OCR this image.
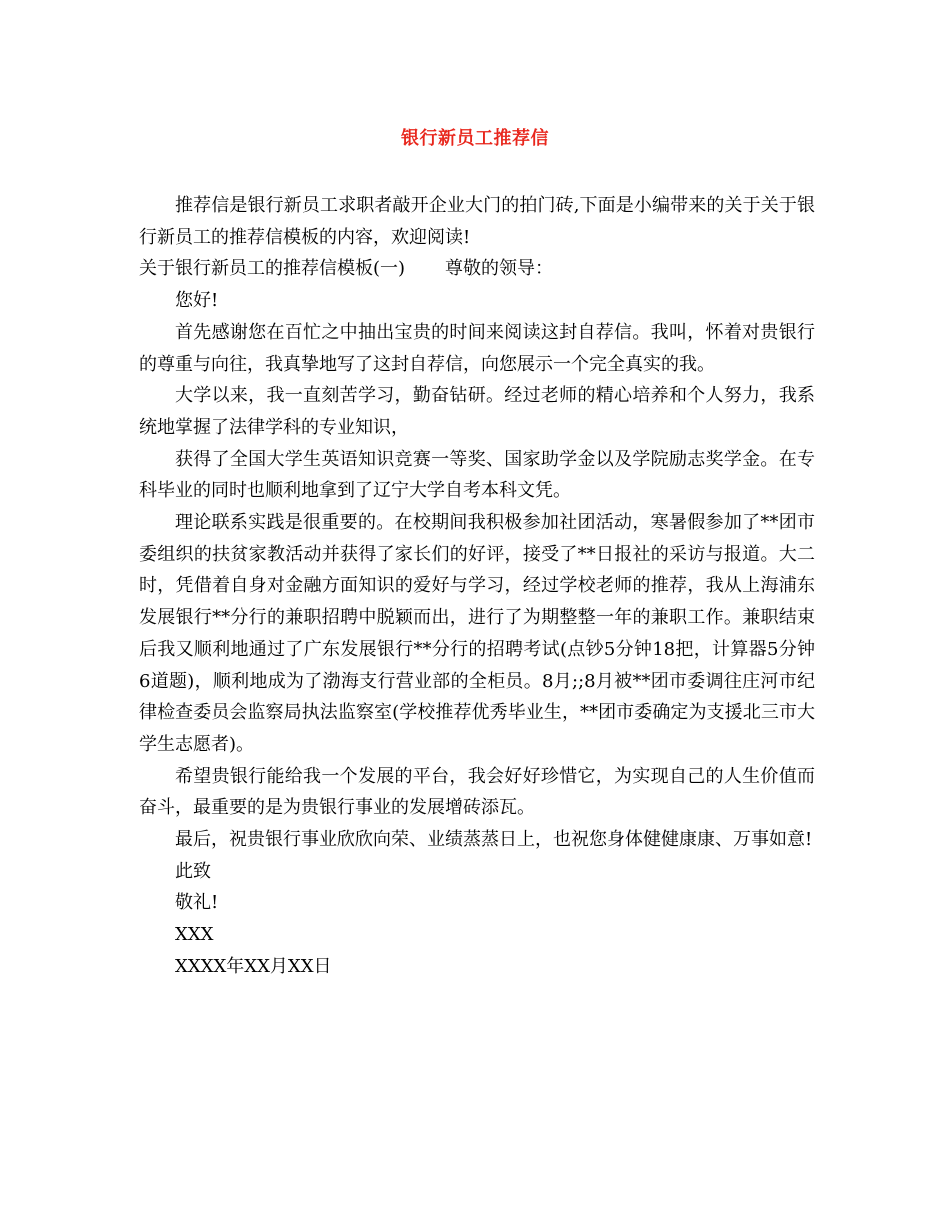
银行新员工推荐信

推荐信是银行新员工求职者敲开企业大门的拍门砖,下面是小编带来的关于关于银行新员工的推荐信模板的内容，欢迎阅读!

关于银行新员工的推荐信模板(一) 尊敬的领导：

您好!

首先感谢您在百忙之中抽出宝贵的时间来阅读这封自荐信。我叫，怀着对贵银行的尊重与向往，我真挚地写了这封自荐信，向您展示一个完全真实的我。

大学以来，我一直刻苦学习，勤奋钻研。经过老师的精心培养和个人努力，我系统地掌握了法律学科的专业知识，

获得了全国大学生英语知识竞赛一等奖、国家助学金以及学院励志奖学金。在专科毕业的同时也顺利地拿到了辽宁大学自考本科文凭。

理论联系实践是很重要的。在校期间我积极参加社团活动，寒暑假参加了**团市委组织的扶贫家教活动并获得了家长们的好评，接受了**日报社的采访与报道。大二时，凭借着自身对金融方面知识的爱好与学习，经过学校老师的推荐，我从上海浦东发展银行**分行的兼职招聘中脱颖而出，进行了为期整整一年的兼职工作。兼职结束后我又顺利地通过了广东发展银行**分行的招聘考试(点钞5分钟18把，计算器5分钟6道题)，顺利地成为了渤海支行营业部的全柜员。8月;;8月被**团市委调往庄河市纪律检查委员会监察局执法监察室(学校推荐优秀毕业生，**团市委确定为支援北三市大学生志愿者)。

希望贵银行能给我一个发展的平台，我会好好珍惜它，为实现自己的人生价值而奋斗，最重要的是为贵银行事业的发展增砖添瓦。

最后，祝贵银行事业欣欣向荣、业绩蒸蒸日上，也祝您身体健健康康、万事如意!

此致

敬礼!

XXX

XXXX年XX月XX日
